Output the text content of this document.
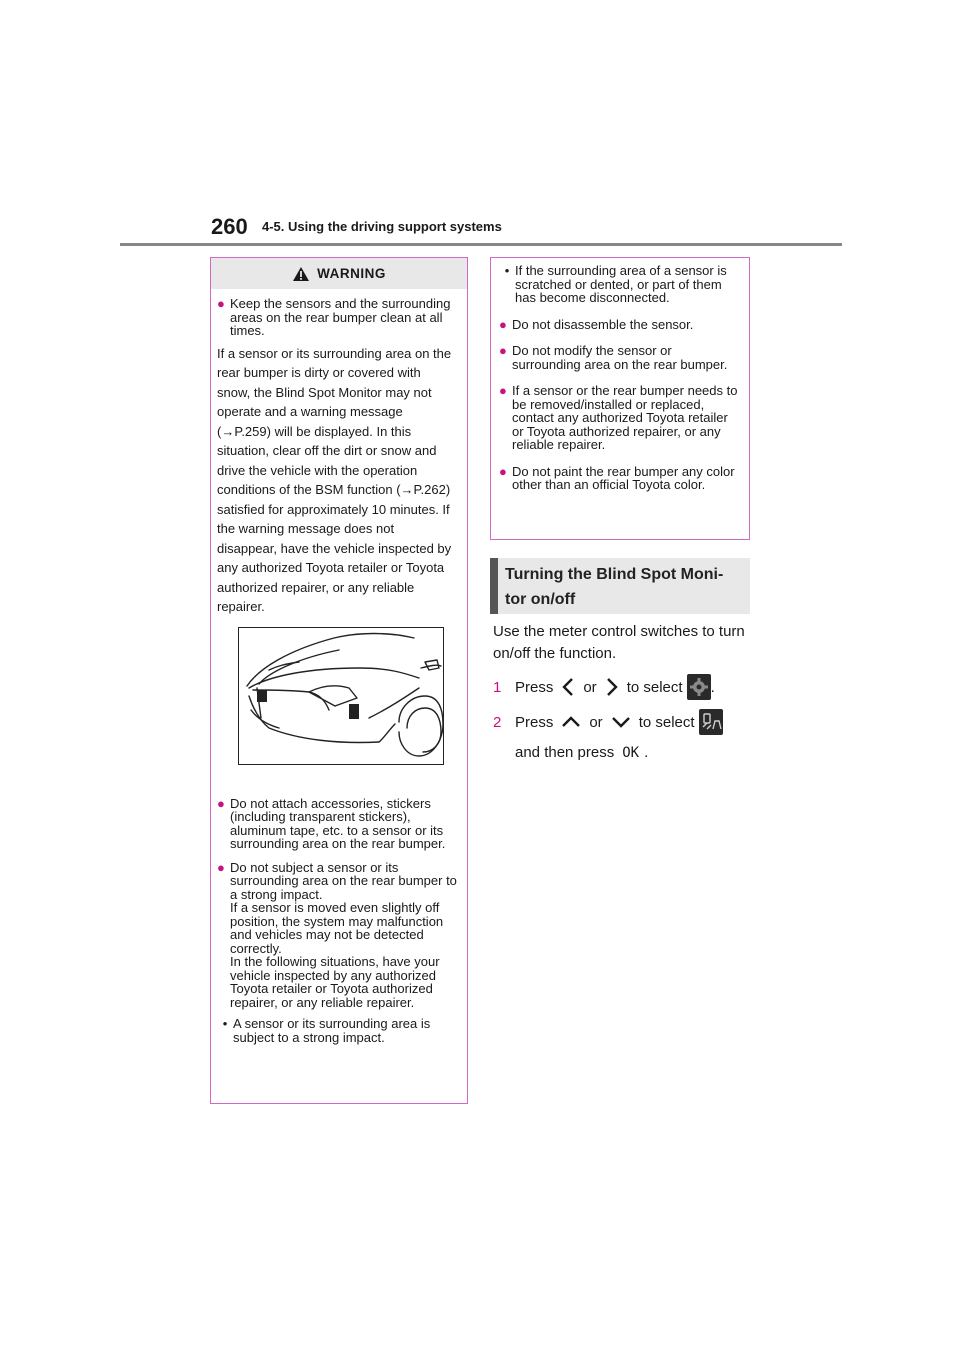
260 4-5. Using the driving support systems
WARNING
● Keep the sensors and the surrounding areas on the rear bumper clean at all times.

If a sensor or its surrounding area on the rear bumper is dirty or covered with snow, the Blind Spot Monitor may not operate and a warning message (→P.259) will be displayed. In this situation, clear off the dirt or snow and drive the vehicle with the operation conditions of the BSM function (→P.262) satisfied for approximately 10 minutes. If the warning message does not disappear, have the vehicle inspected by any authorized Toyota retailer or Toyota authorized repairer, or any reliable repairer.

● Do not attach accessories, stickers (including transparent stickers), aluminum tape, etc. to a sensor or its surrounding area on the rear bumper.
● Do not subject a sensor or its surrounding area on the rear bumper to a strong impact.
If a sensor is moved even slightly off position, the system may malfunction and vehicles may not be detected correctly.
In the following situations, have your vehicle inspected by any authorized Toyota retailer or Toyota authorized repairer, or any reliable repairer.
• A sensor or its surrounding area is subject to a strong impact.
• If the surrounding area of a sensor is scratched or dented, or part of them has become disconnected.
● Do not disassemble the sensor.
● Do not modify the sensor or surrounding area on the rear bumper.
● If a sensor or the rear bumper needs to be removed/installed or replaced, contact any authorized Toyota retailer or Toyota authorized repairer, or any reliable repairer.
● Do not paint the rear bumper any color other than an official Toyota color.
Turning the Blind Spot Moni-
tor on/off
Use the meter control switches to turn on/off the function.
1 Press or to select .
2 Press or to select
and then press OK .
